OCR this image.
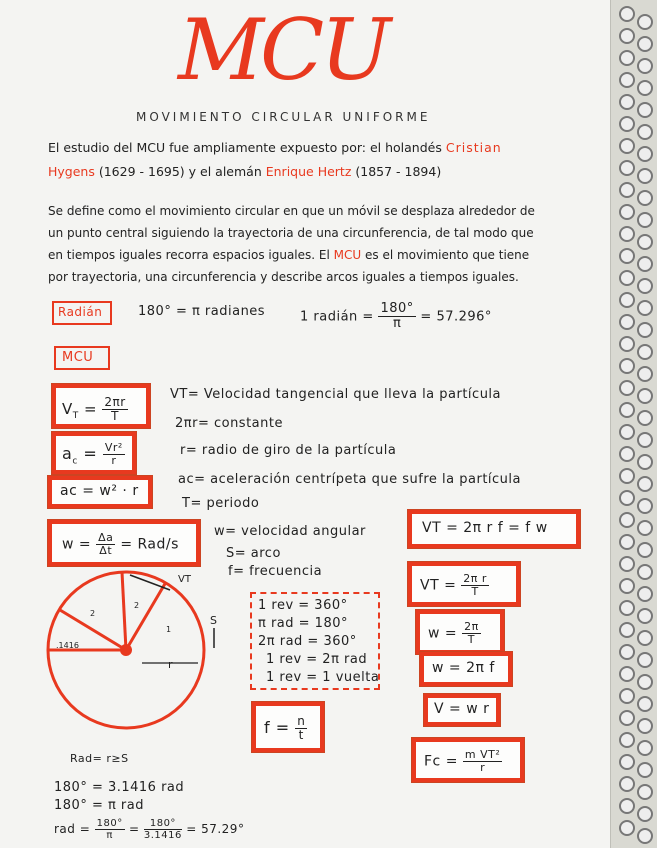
MCU
MOVIMIENTO CIRCULAR UNIFORME
El estudio del MCU fue ampliamente expuesto por: el holandés Cristian
Hygens (1629 - 1695) y el alemán Enrique Hertz (1857 - 1894)
Se define como el movimiento circular en que un móvil se desplaza alrededor de
un punto central siguiendo la trayectoria de una circunferencia, de tal modo que
en tiempos iguales recorra espacios iguales. El MCU es el movimiento que tiene
por trayectoria, una circunferencia y describe arcos iguales a tiempos iguales.
Radián	180° = π radianes	1 radián = $\frac{180^\circ}{\pi} = 57.296^\circ$
MCU
$V_T = \frac{2\pi r}{T}$
$a_c = \frac{\text{Vr²}}{r}$
ac = w² · r
$w = \frac{\Delta a}{\Delta t} = Rad/s$
VT= Velocidad tangencial que lleva la partícula
2πr= constante
r= radio de giro de la partícula
ac= aceleración centrípeta que sufre la partícula
T= periodo
w= velocidad angular
S= arco
f= frecuencia
VT
S
r
1
2
2
.1416
1 rev = 360°
π rad = 180°
2π rad = 360°
1 rev = 2π rad
1 rev = 1 vuelta
$f = \frac{n}{t}$
VT = 2π r f = f w
VT = $\frac{\text{2π r}}{T}$
$w = \frac{2\pi}{T}$
w = 2π f
V = w r
$Fc = \frac{\text{m VT²}}{r}$
Rad= r≥S
180° = 3.1416 rad
180° = π rad
rad = $\frac{180^\circ}{\pi} = \frac{180^\circ}{3.1416} = 57.29^\circ$
